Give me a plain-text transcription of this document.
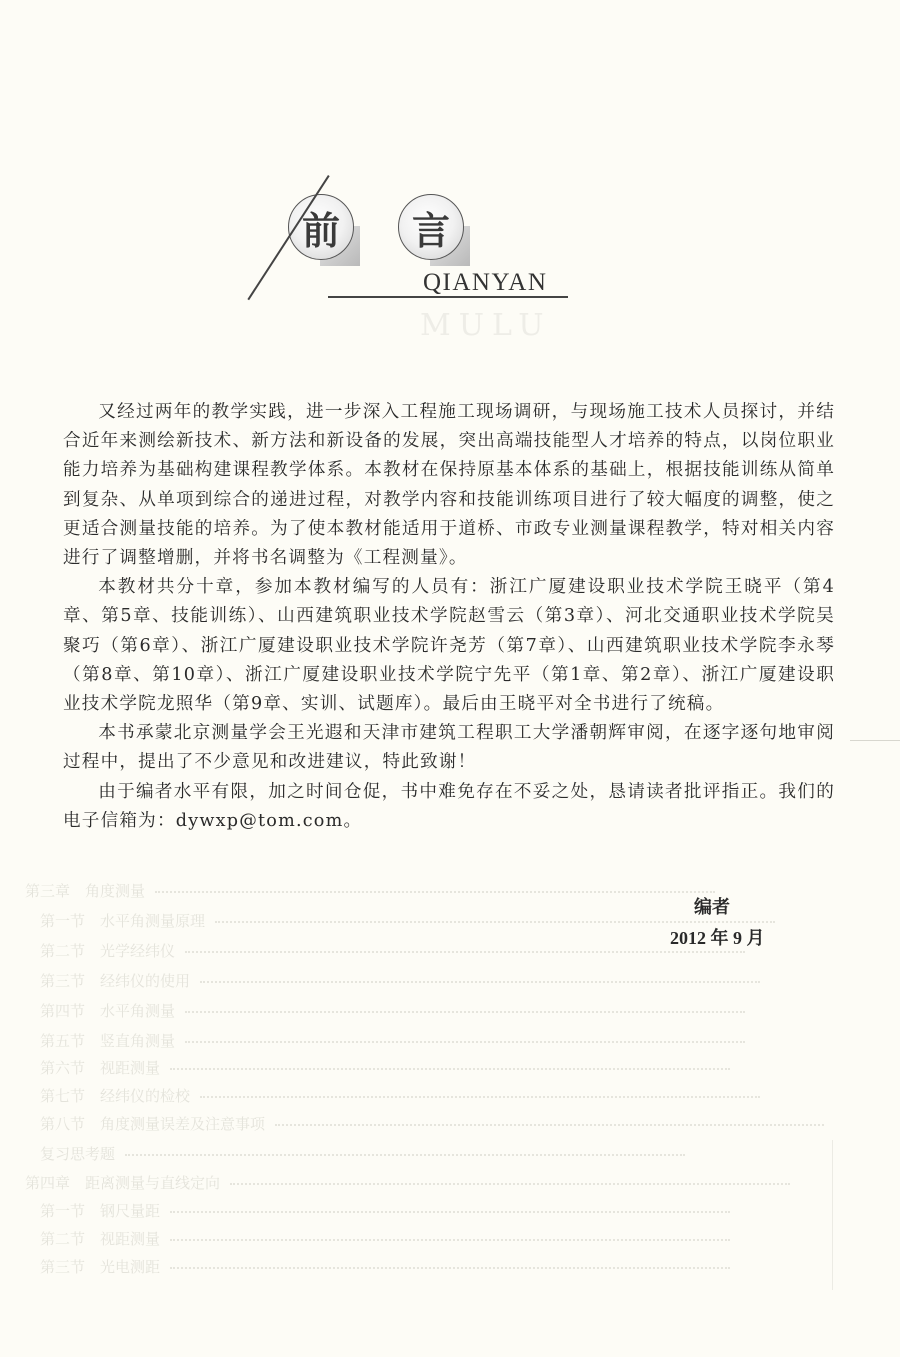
MULU
第三章　角度测量
　第一节　水平角测量原理
　第二节　光学经纬仪
　第三节　经纬仪的使用
　第四节　水平角测量
　第五节　竖直角测量
　第六节　视距测量
　第七节　经纬仪的检校
　第八节　角度测量误差及注意事项
　复习思考题
第四章　距离测量与直线定向
　第一节　钢尺量距
　第二节　视距测量
　第三节　光电测距
前	言
QIANYAN

又经过两年的教学实践，进一步深入工程施工现场调研，与现场施工技术人员探讨，并结合近年来测绘新技术、新方法和新设备的发展，突出高端技能型人才培养的特点，以岗位职业能力培养为基础构建课程教学体系。本教材在保持原基本体系的基础上，根据技能训练从简单到复杂、从单项到综合的递进过程，对教学内容和技能训练项目进行了较大幅度的调整，使之更适合测量技能的培养。为了使本教材能适用于道桥、市政专业测量课程教学，特对相关内容进行了调整增删，并将书名调整为《工程测量》。

本教材共分十章，参加本教材编写的人员有：浙江广厦建设职业技术学院王晓平（第4章、第5章、技能训练）、山西建筑职业技术学院赵雪云（第3章）、河北交通职业技术学院吴聚巧（第6章）、浙江广厦建设职业技术学院许尧芳（第7章）、山西建筑职业技术学院李永琴（第8章、第10章）、浙江广厦建设职业技术学院宁先平（第1章、第2章）、浙江广厦建设职业技术学院龙照华（第9章、实训、试题库）。最后由王晓平对全书进行了统稿。

本书承蒙北京测量学会王光遐和天津市建筑工程职工大学潘朝辉审阅，在逐字逐句地审阅过程中，提出了不少意见和改进建议，特此致谢！

由于编者水平有限，加之时间仓促，书中难免存在不妥之处，恳请读者批评指正。我们的电子信箱为：dywxp@tom.com。

编者
2012 年 9 月
